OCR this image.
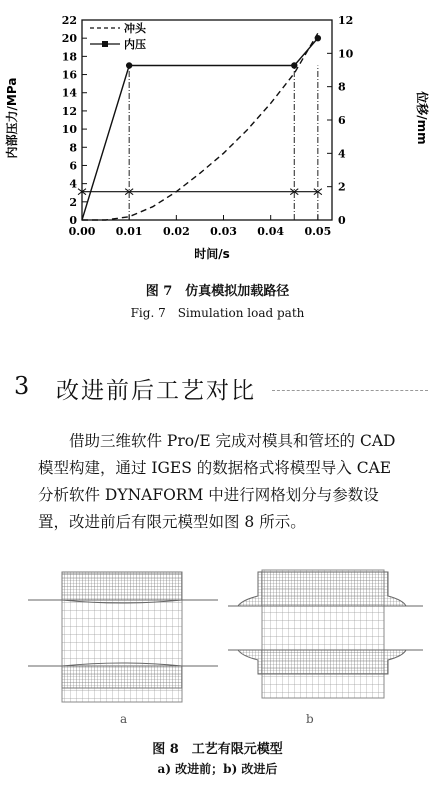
0.00 0.01 0.02 0.03 0.04 0.05
0
2
4
6
8
10
12
14
16
18
20
22
0
2
4
6
8
10
12
冲头
内压
时间/s
内部压力/MPa	位移/mm
图 7　仿真模拟加载路径
Fig. 7　Simulation load path
3 改进前后工艺对比
借助三维软件 Pro/E 完成对模具和管坯的 CAD
模型构建，通过 IGES 的数据格式将模型导入 CAE
分析软件 DYNAFORM 中进行网格划分与参数设
置，改进前后有限元模型如图 8 所示。
a	b
图 8　工艺有限元模型
a) 改进前；b) 改进后
